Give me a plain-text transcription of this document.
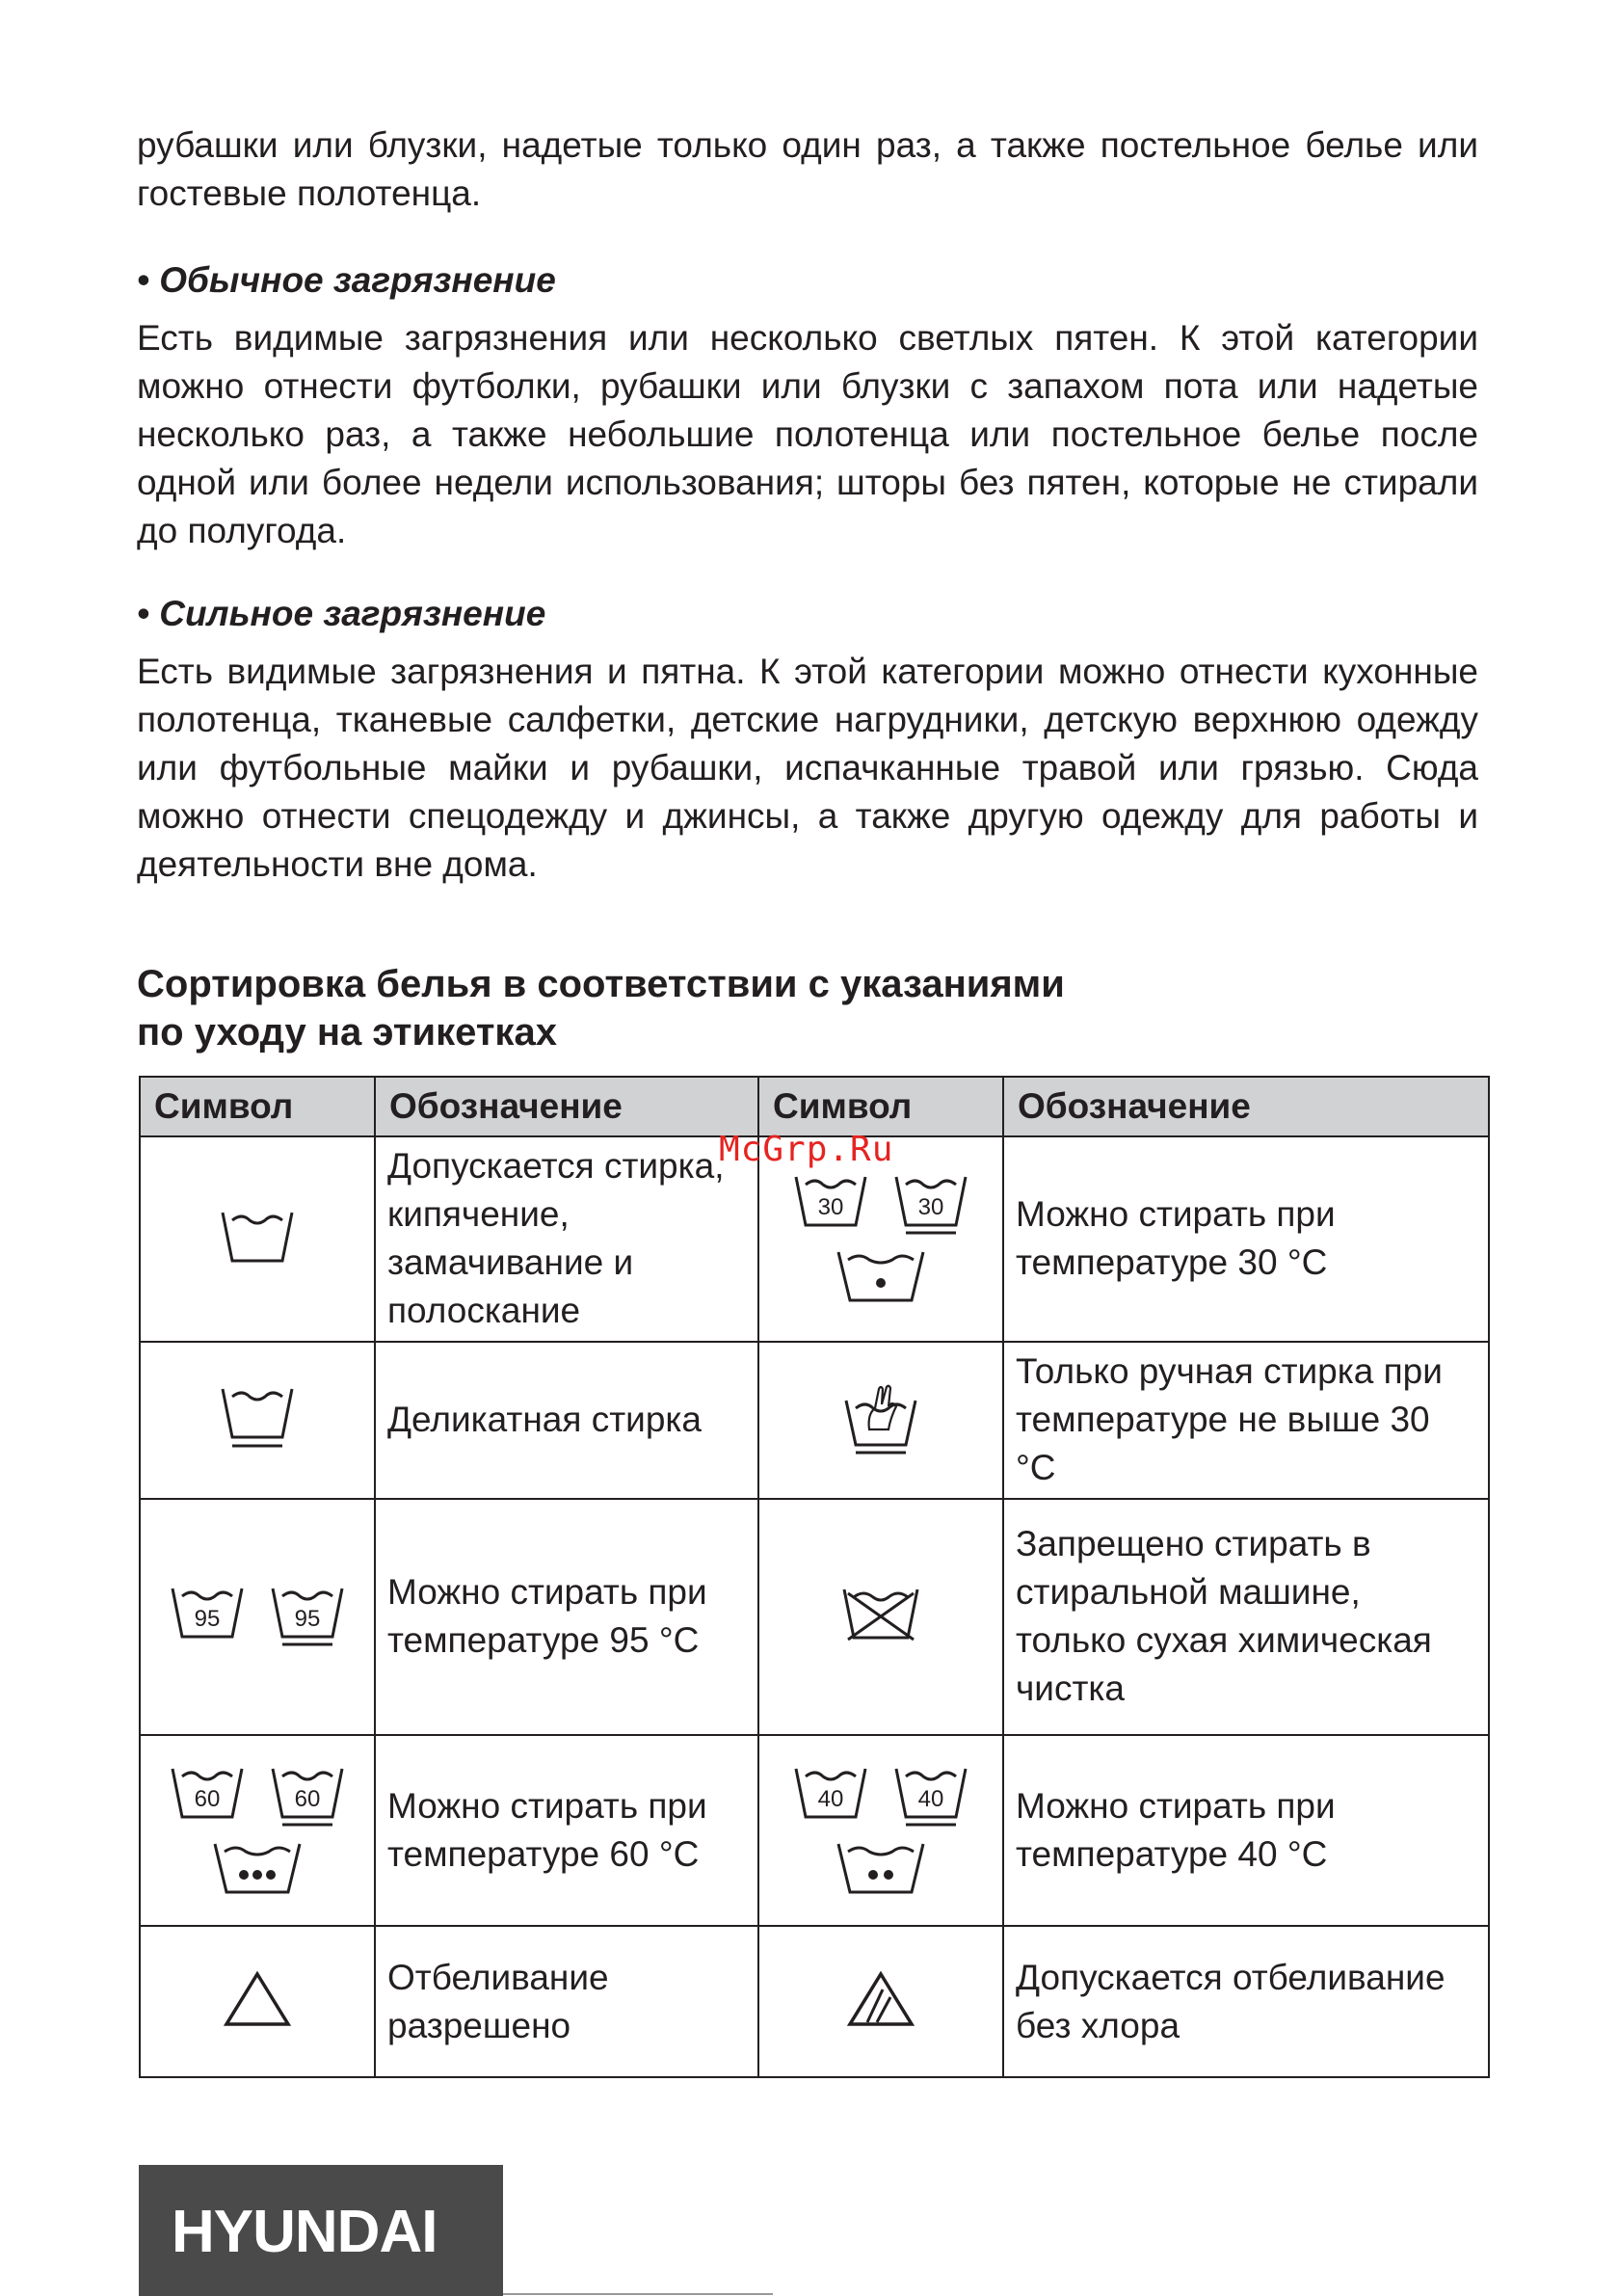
рубашки или блузки, надетые только один раз, а также постельное белье или гостевые полотенца.

• Обычное загрязнение

Есть видимые загрязнения или несколько светлых пятен. К этой категории можно отнести футболки, рубашки или блузки с запахом пота или надетые несколько раз, а также небольшие полотенца или постельное белье после одной или более недели использования; шторы без пятен, которые не стирали до полугода.

• Сильное загрязнение

Есть видимые загрязнения и пятна. К этой категории можно отнести кухонные полотенца, тканевые салфетки, детские нагрудники, детскую верхнюю одежду или футбольные майки и рубашки, испачканные травой или грязью. Сюда можно отнести спецодежду и джинсы, а также другую одежду для работы и деятельности вне дома.

Сортировка белья в соответствии с указаниями
по уходу на этикетках
Символ	Обозначение	Символ	Обозначение

	Допускается стирка, кипячение, замачивание и полоскание	30 30	Можно стирать при температуре 30 °C

	Деликатная стирка		Только ручная стирка при температуре не выше 30 °C

95 95	Можно стирать при температуре 95 °C		Запрещено стирать в стиральной машине, только сухая химическая чистка

60 60	Можно стирать при температуре 60 °C	40 40	Можно стирать при температуре 40 °C

	Отбеливание разрешено		Допускается отбеливание без хлора
McGrp.Ru
HYUNDAI
